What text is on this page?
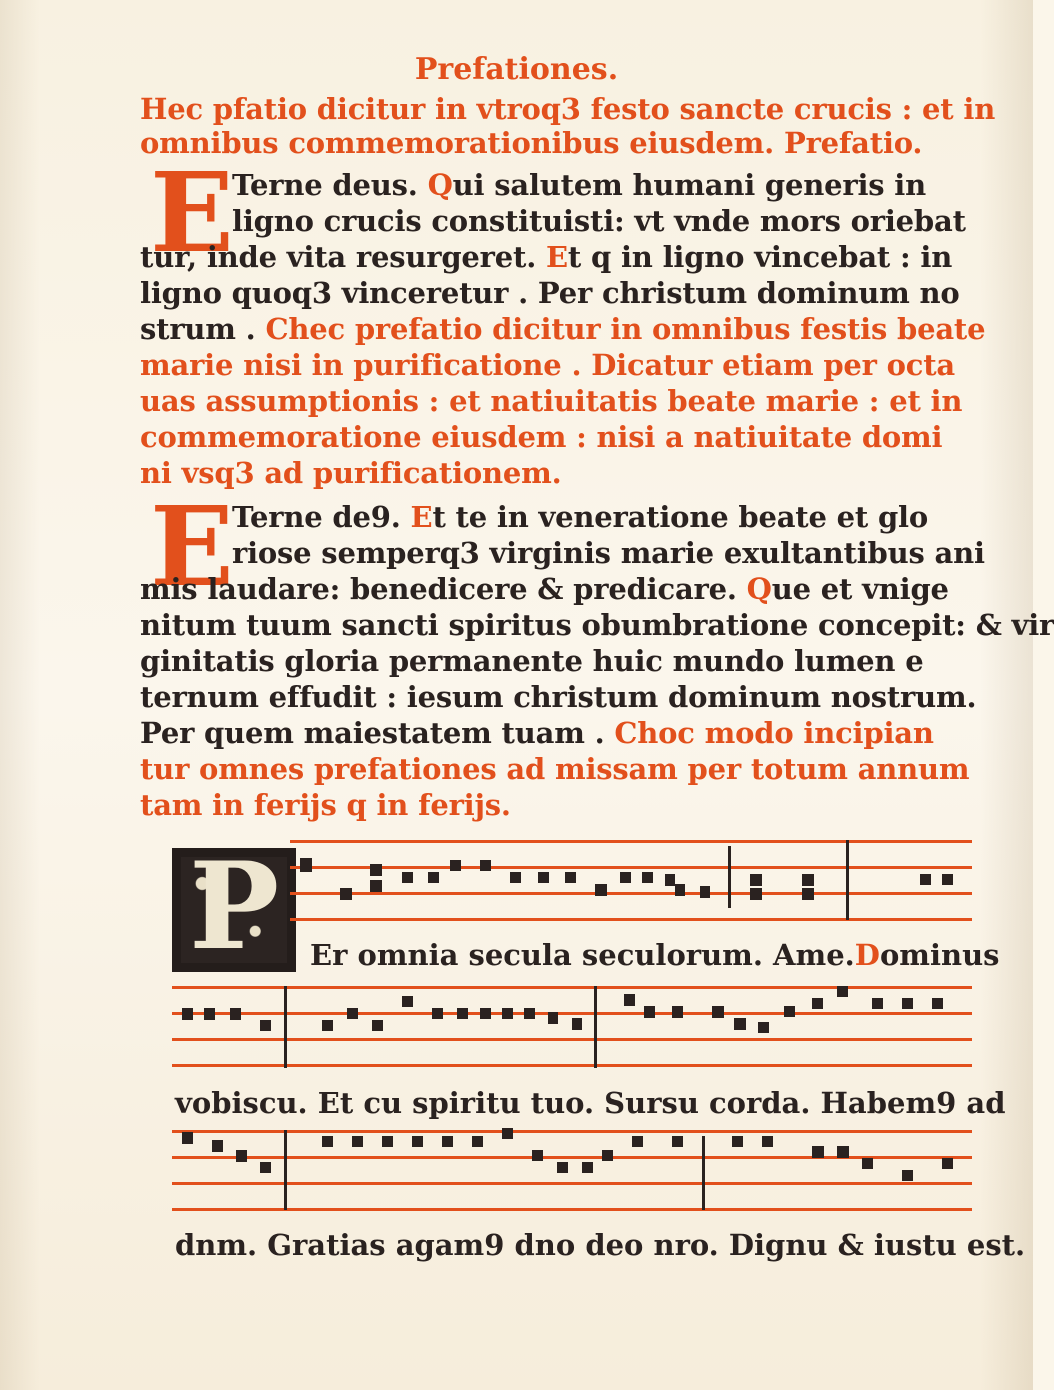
Prefationes.
Hec pfatio dicitur in vtroq3 festo sancte crucis : et in
omnibus commemorationibus eiusdem. Prefatio.
E
Terne deus. Qui salutem humani generis in
ligno crucis constituisti: vt vnde mors oriebat
tur, inde vita resurgeret. Et q in ligno vincebat : in
ligno quoq3 vinceretur . Per christum dominum no
strum . Chec prefatio dicitur in omnibus festis beate
marie nisi in purificatione . Dicatur etiam per octa
uas assumptionis : et natiuitatis beate marie : et in
commemoratione eiusdem : nisi a natiuitate domi
ni vsq3 ad purificationem.
E
Terne de9. Et te in veneratione beate et glo
riose semperq3 virginis marie exultantibus ani
mis laudare: benedicere & predicare. Que et vnige
nitum tuum sancti spiritus obumbratione concepit: & vir
ginitatis gloria permanente huic mundo lumen e
ternum effudit : iesum christum dominum nostrum.
Per quem maiestatem tuam . Choc modo incipian
tur omnes prefationes ad missam per totum annum
tam in ferijs q in ferijs.
P Er omnia secula seculorum. Ame.Dominus
vobiscu. Et cu spiritu tuo. Sursu corda. Habem9 ad
dnm. Gratias agam9 dno deo nro. Dignu & iustu est.
